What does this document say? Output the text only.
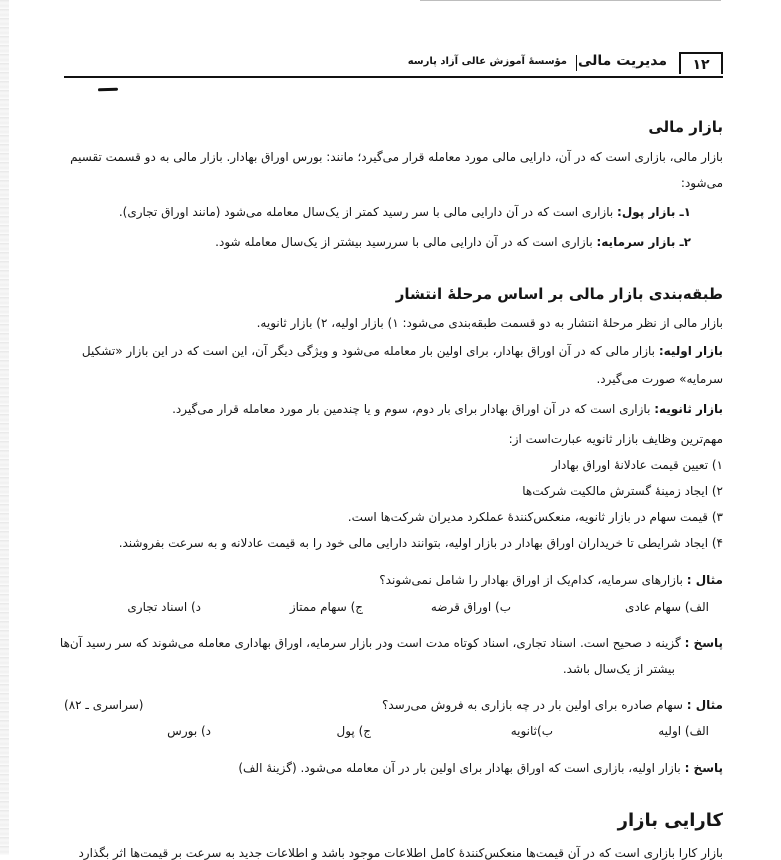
۱۲
مدیریت مالی
مؤسسهٔ آموزش عالی آزاد پارسه
بازار مالی
بازار مالی، بازاری است که در آن، دارایی مالی مورد معامله قرار می‌گیرد؛ مانند: بورس اوراق بهادار. بازار مالی به دو قسمت تقسیم
می‌شود:
۱ـ بازار پول: بازاری است که در آن دارایی مالی با سر رسید کمتر از یک‌سال معامله می‌شود (مانند اوراق تجاری).
۲ـ بازار سرمایه: بازاری است که در آن دارایی مالی با سررسید بیشتر از یک‌سال معامله شود.
طبقه‌بندی بازار مالی بر اساس مرحلهٔ انتشار
بازار مالی از نظر مرحلهٔ انتشار به دو قسمت طبقه‌بندی می‌شود: ۱) بازار اولیه، ۲) بازار ثانویه.
بازار اولیه: بازار مالی که در آن اوراق بهادار، برای اولین بار معامله می‌شود و ویژگی دیگر آن، این است که در این بازار «تشکیل
سرمایه» صورت می‌گیرد.
بازار ثانویه: بازاری است که در آن اوراق بهادار برای بار دوم، سوم و یا چندمین بار مورد معامله قرار می‌گیرد.
مهم‌ترین وظایف بازار ثانویه عبارت‌است از:
۱) تعیین قیمت عادلانهٔ اوراق بهادار
۲) ایجاد زمینهٔ گسترش مالکیت شرکت‌ها
۳) قیمت سهام در بازار ثانویه، منعکس‌کنندهٔ عملکرد مدیران شرکت‌ها است.
۴) ایجاد شرایطی تا خریداران اوراق بهادار در بازار اولیه، بتوانند دارایی مالی خود را به قیمت عادلانه و به سرعت بفروشند.
مثال : بازارهای سرمایه، کدام‌یک از اوراق بهادار را شامل نمی‌شوند؟
الف) سهام عادی
ب) اوراق قرضه
ج) سهام ممتاز
د) اسناد تجاری
پاسخ : گزینه د صحیح است. اسناد تجاری، اسناد کوتاه مدت است ودر بازار سرمایه، اوراق بهاداری معامله می‌شوند که سر رسید آن‌ها
بیشتر از یک‌سال باشد.
مثال : سهام صادره برای اولین بار در چه بازاری به فروش می‌رسد؟
(سراسری ـ ۸۲)
الف) اولیه
ب)ثانویه
ج) پول
د) بورس
پاسخ : بازار اولیه، بازاری است که اوراق بهادار برای اولین بار در آن معامله می‌شود. (گزینهٔ الف)
کارایی بازار
بازار کارا بازاری است که در آن قیمت‌ها منعکس‌کنندهٔ کامل اطلاعات موجود باشد و اطلاعات جدید به سرعت بر قیمت‌ها اثر بگذارد
